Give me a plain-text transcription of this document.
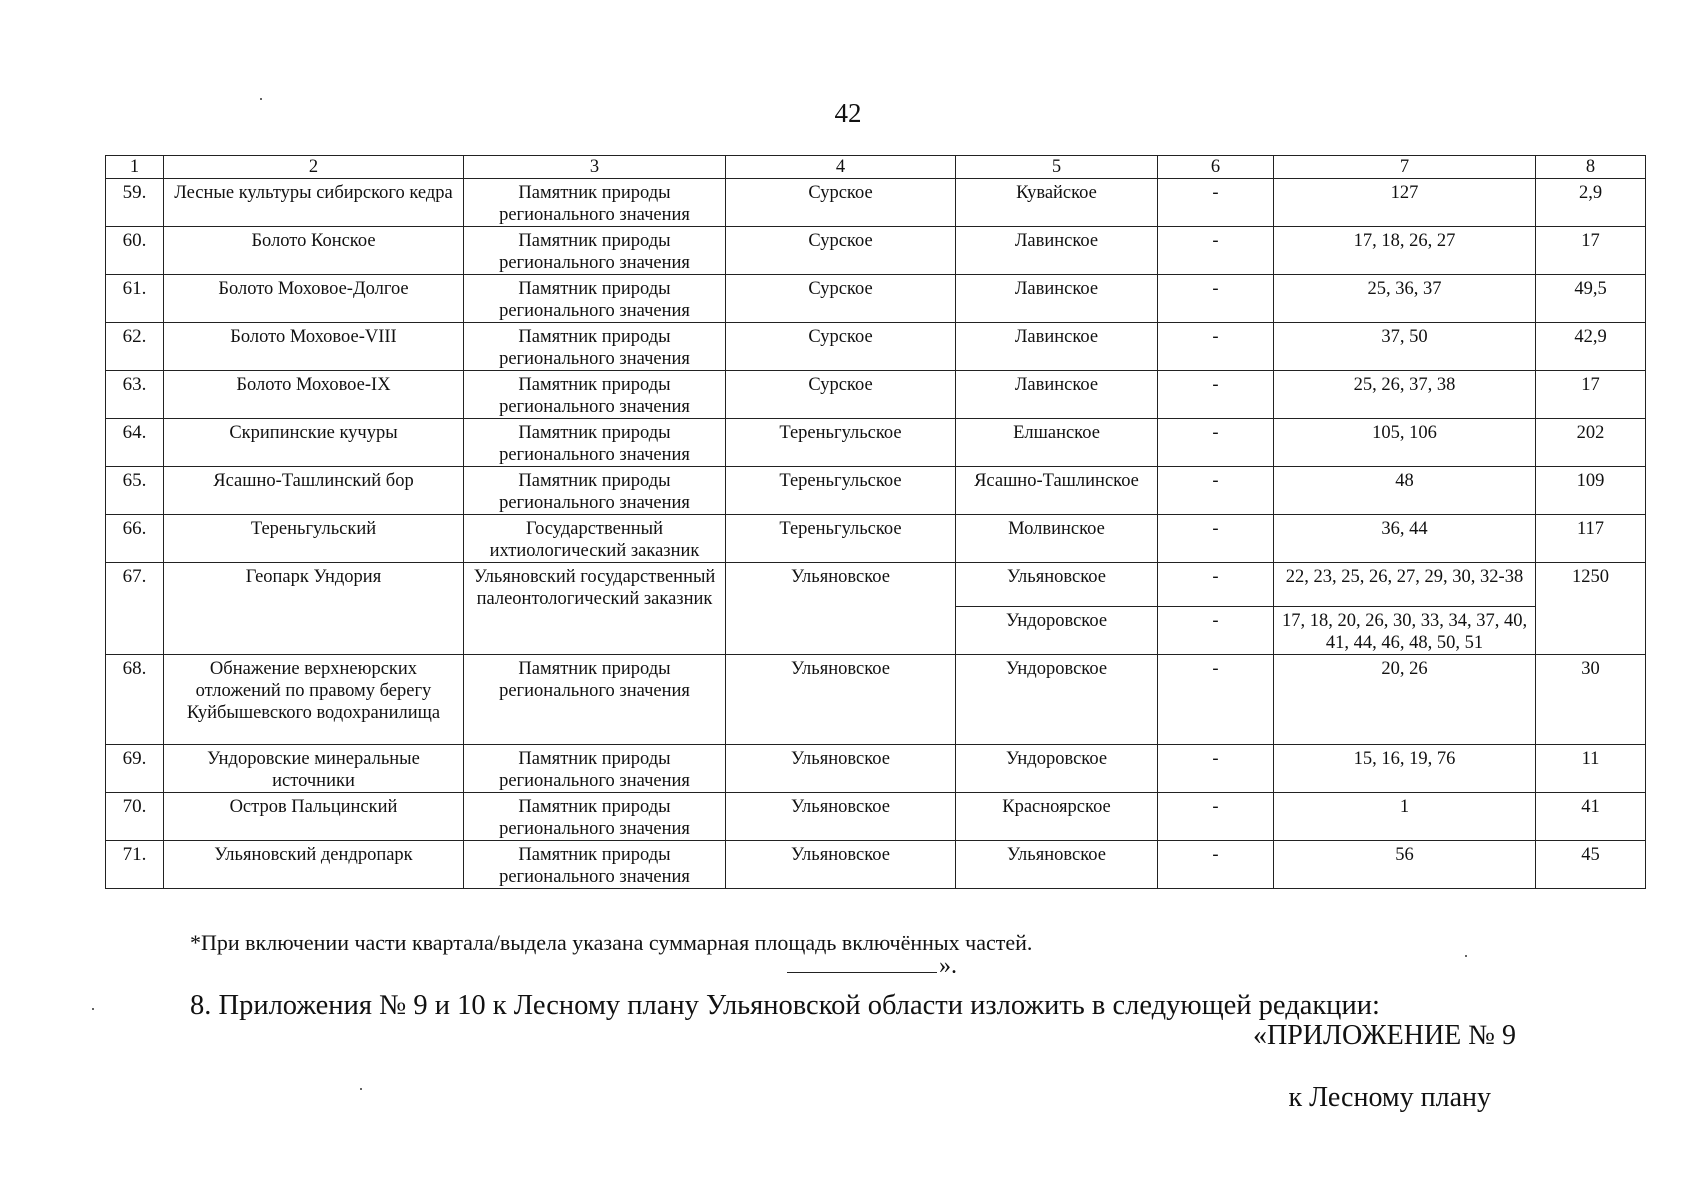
42
1	2	3	4	5	6	7	8
59.	Лесные культуры сибирского кедра	Памятник природы регионального значения	Сурское	Кувайское	-	127	2,9
60.	Болото Конское	Памятник природы регионального значения	Сурское	Лавинское	-	17, 18, 26, 27	17
61.	Болото Моховое-Долгое	Памятник природы регионального значения	Сурское	Лавинское	-	25, 36, 37	49,5
62.	Болото Моховое-VIII	Памятник природы регионального значения	Сурское	Лавинское	-	37, 50	42,9
63.	Болото Моховое-IX	Памятник природы регионального значения	Сурское	Лавинское	-	25, 26, 37, 38	17
64.	Скрипинские кучуры	Памятник природы регионального значения	Тереньгульское	Елшанское	-	105, 106	202
65.	Ясашно-Ташлинский бор	Памятник природы регионального значения	Тереньгульское	Ясашно-Ташлинское	-	48	109
66.	Тереньгульский	Государственный ихтиологический заказник	Тереньгульское	Молвинское	-	36, 44	117
67.	Геопарк Ундория	Ульяновский государственный палеонтологический заказник	Ульяновское	Ульяновское	-	22, 23, 25, 26, 27, 29, 30, 32-38	1250
				Ундоровское	-	17, 18, 20, 26, 30, 33, 34, 37, 40, 41, 44, 46, 48, 50, 51	
68.	Обнажение верхнеюрских отложений по правому берегу Куйбышевского водохранилища	Памятник природы регионального значения	Ульяновское	Ундоровское	-	20, 26	30
69.	Ундоровские минеральные источники	Памятник природы регионального значения	Ульяновское	Ундоровское	-	15, 16, 19, 76	11
70.	Остров Пальцинский	Памятник природы регионального значения	Ульяновское	Красноярское	-	1	41
71.	Ульяновский дендропарк	Памятник природы регионального значения	Ульяновское	Ульяновское	-	56	45
*При включении части квартала/выдела указана суммарная площадь включённых частей.
».
8. Приложения № 9 и 10 к Лесному плану Ульяновской области изложить в следующей редакции:
«ПРИЛОЖЕНИЕ № 9
к Лесному плану
